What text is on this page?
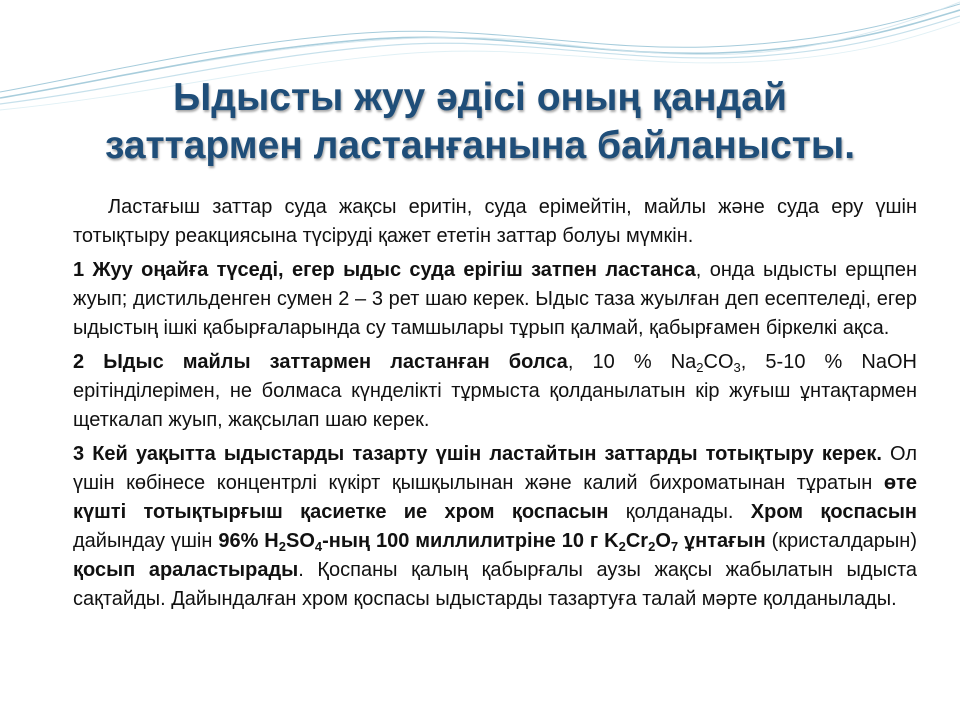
Ыдысты жуу әдісі оның қандай
заттармен ластанғанына байланысты.

Ластағыш заттар суда жақсы еритін, суда ерімейтін, майлы және суда еру үшін тотықтыру реакциясына түсіруді қажет ететін заттар болуы мүмкін.

1 Жуу оңайға түседі, егер ыдыс суда ерігіш затпен ластанса, онда ыдысты ерщпен жуып; дистильденген сумен 2 – 3 рет шаю керек. Ыдыс таза жуылған деп есептеледі, егер ыдыстың ішкі қабырғаларында су тамшылары тұрып қалмай, қабырғамен біркелкі ақса.

2 Ыдыс майлы заттармен ластанған болса, 10 % $Na_2CO_3$, 5-10 % NaOH ерітінділерімен, не болмаса күнделікті тұрмыста қолданылатын кір жуғыш ұнтақтармен щеткалап жуып, жақсылап шаю керек.

3 Кей уақытта ыдыстарды тазарту үшін ластайтын заттарды тотықтыру керек. Ол үшін көбінесе концентрлі күкірт қышқылынан және калий бихроматынан тұратын өте күшті тотықтырғыш қасиетке ие хром қоспасын қолданады. Хром қоспасын дайындау үшін 96% $H_2SO_4$-ның 100 миллилитріне 10 г $K_2Cr_2O_7$ ұнтағын (кристалдарын) қосып араластырады. Қоспаны қалың қабырғалы аузы жақсы жабылатын ыдыста сақтайды. Дайындалған хром қоспасы ыдыстарды тазартуға талай мәрте қолданылады.
